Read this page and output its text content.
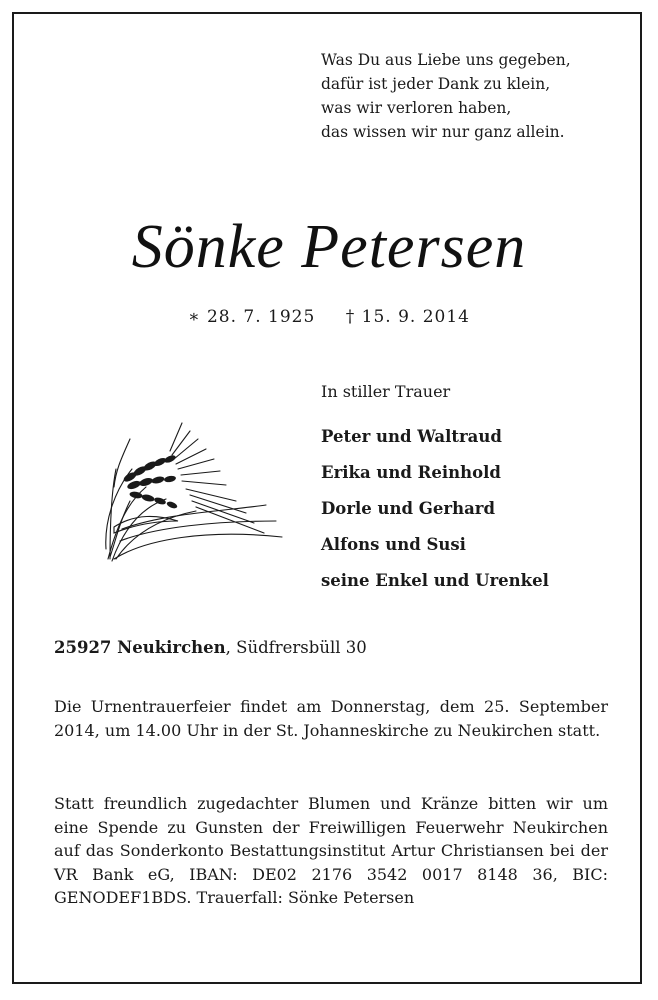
Was Du aus Liebe uns gegeben,
dafür ist jeder Dank zu klein,
was wir verloren haben,
das wissen wir nur ganz allein.
Sönke Petersen
∗ 28. 7. 1925 † 15. 9. 2014
In stiller Trauer
Peter und Waltraud
Erika und Reinhold
Dorle und Gerhard
Alfons und Susi
seine Enkel und Urenkel
25927 Neukirchen, Südfrersbüll 30

Die Urnentrauerfeier findet am Donnerstag, dem 25. September 2014, um 14.00 Uhr in der St. Johanneskirche zu Neukirchen statt.

Statt freundlich zugedachter Blumen und Kränze bitten wir um eine Spende zu Gunsten der Freiwilligen Feuerwehr Neukirchen auf das Sonderkonto Bestattungsinstitut Artur Christiansen bei der VR Bank eG, IBAN: DE02 2176 3542 0017 8148 36, BIC: GENODEF1BDS. Trauerfall: Sönke Petersen
